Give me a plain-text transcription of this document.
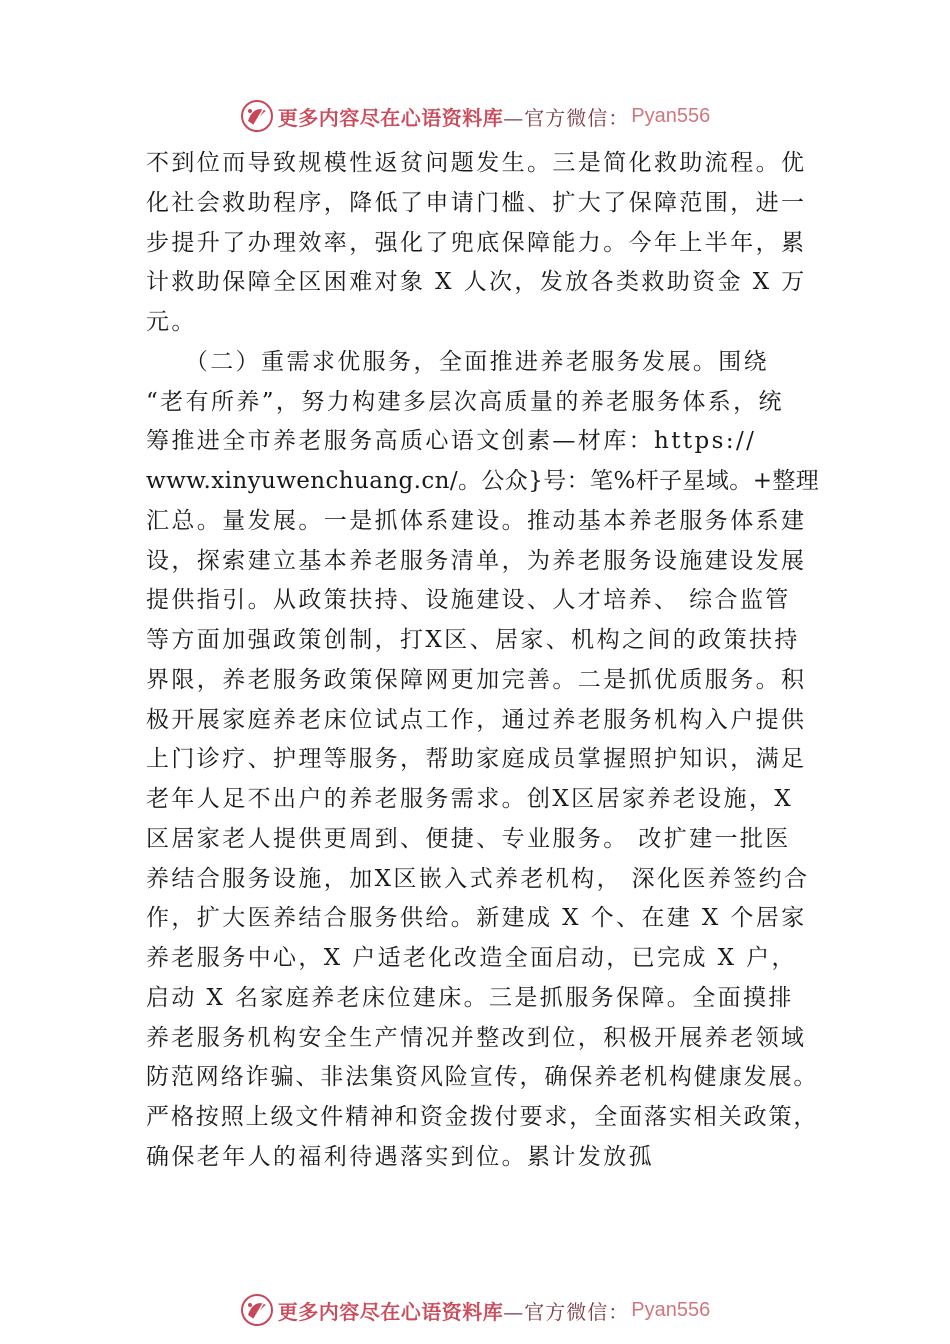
更多内容尽在心语资料库 —官方微信： Pyan556
不到位而导致规模性返贫问题发生。三是简化救助流程。优
化社会救助程序，降低了申请门槛、扩大了保障范围，进一
步提升了办理效率，强化了兜底保障能力。今年上半年，累
计救助保障全区困难对象 X 人次，发放各类救助资金 X 万
元。
（二）重需求优服务，全面推进养老服务发展。围绕
“老有所养”，努力构建多层次高质量的养老服务体系，统
筹推进全市养老服务高质心语文创素—材库：https://
www.xinyuwenchuang.cn/。公众}号：笔%杆子星域。+整理
汇总。量发展。一是抓体系建设。推动基本养老服务体系建
设，探索建立基本养老服务清单，为养老服务设施建设发展
提供指引。从政策扶持、设施建设、人才培养、 综合监管
等方面加强政策创制，打X区、居家、机构之间的政策扶持
界限，养老服务政策保障网更加完善。二是抓优质服务。积
极开展家庭养老床位试点工作，通过养老服务机构入户提供
上门诊疗、护理等服务，帮助家庭成员掌握照护知识，满足
老年人足不出户的养老服务需求。创X区居家养老设施，X
区居家老人提供更周到、便捷、专业服务。 改扩建一批医
养结合服务设施，加X区嵌入式养老机构， 深化医养签约合
作，扩大医养结合服务供给。新建成 X 个、在建 X 个居家
养老服务中心，X 户适老化改造全面启动，已完成 X 户，
启动 X 名家庭养老床位建床。三是抓服务保障。全面摸排
养老服务机构安全生产情况并整改到位，积极开展养老领域
防范网络诈骗、非法集资风险宣传，确保养老机构健康发展。
严格按照上级文件精神和资金拨付要求，全面落实相关政策，
确保老年人的福利待遇落实到位。累计发放孤
更多内容尽在心语资料库 —官方微信： Pyan556
